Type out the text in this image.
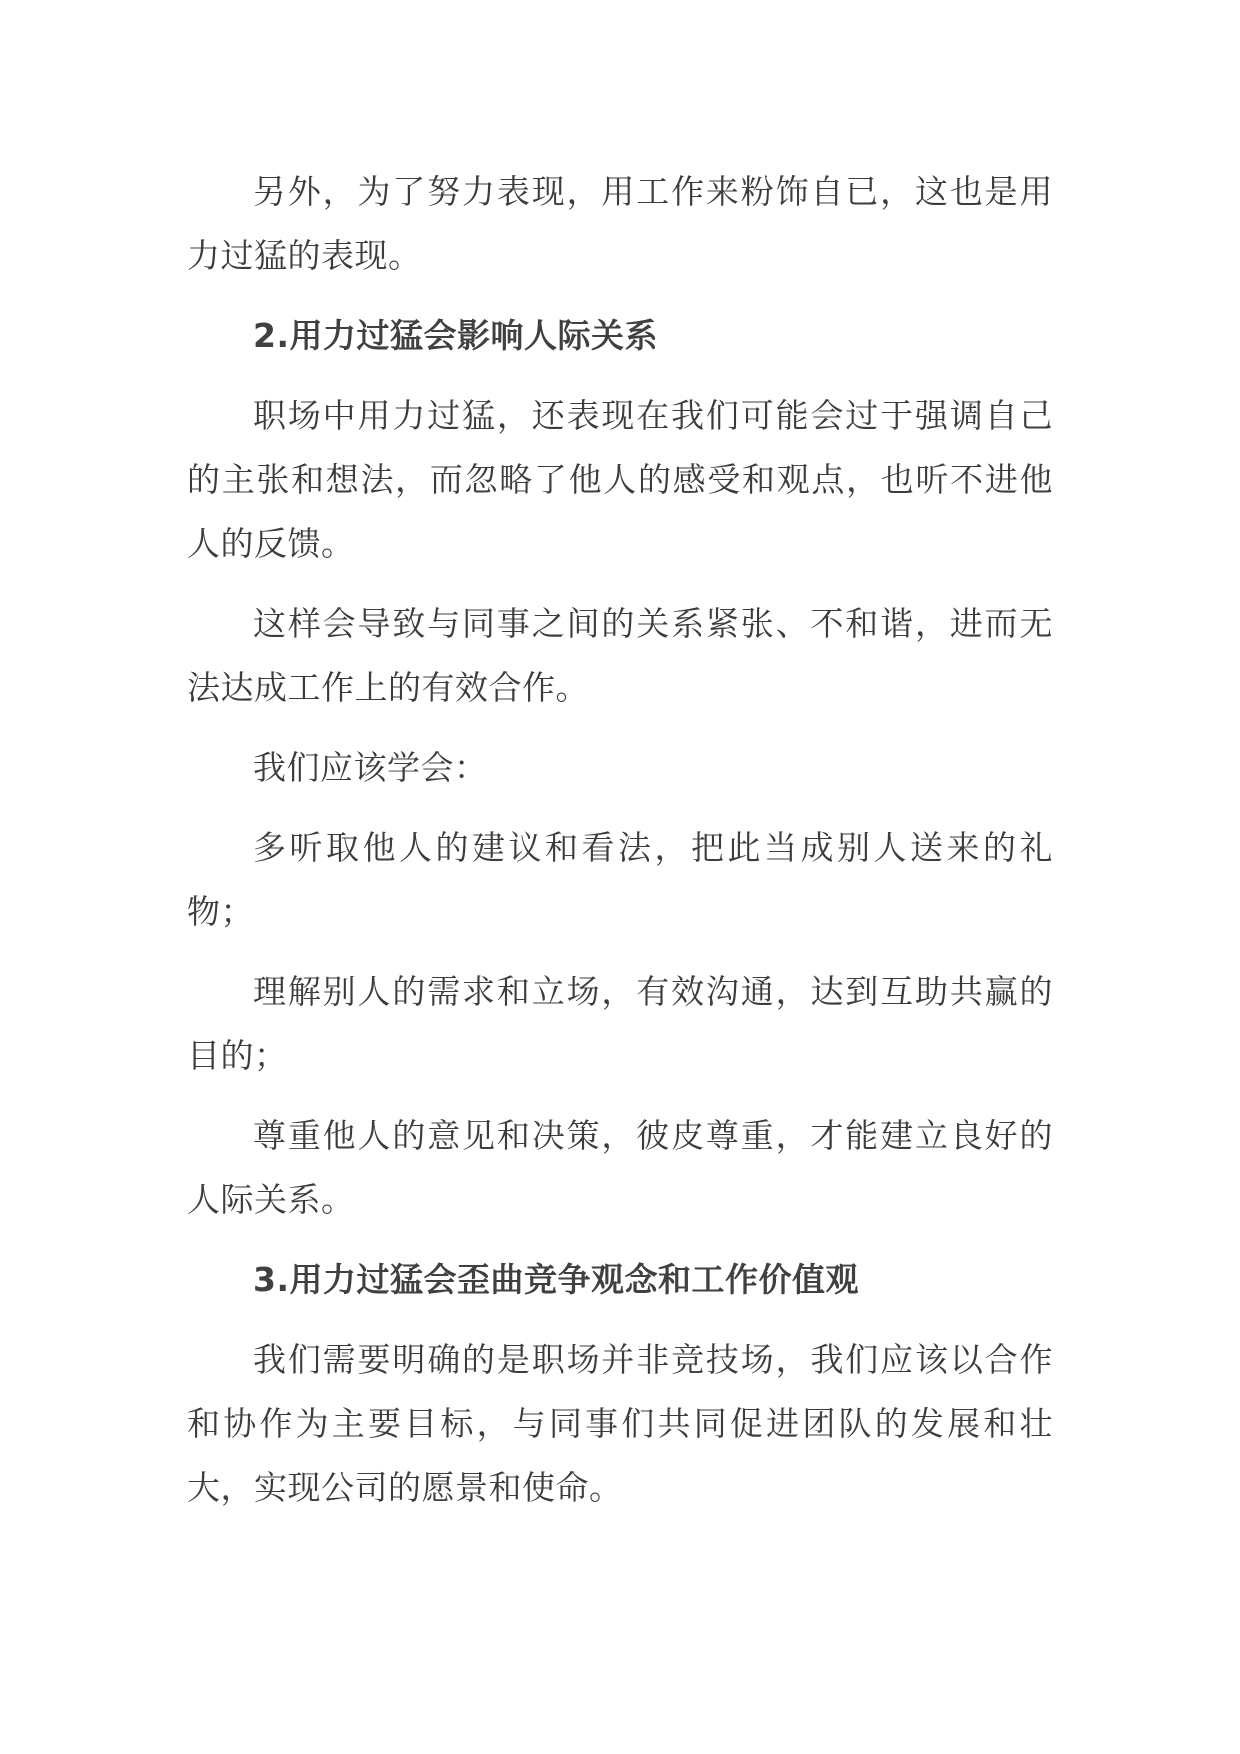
另外，为了努力表现，用工作来粉饰自已，这也是用力过猛的表现。

2.用力过猛会影响人际关系

职场中用力过猛，还表现在我们可能会过于强调自己的主张和想法，而忽略了他人的感受和观点，也听不进他人的反馈。

这样会导致与同事之间的关系紧张、不和谐，进而无法达成工作上的有效合作。

我们应该学会：

多听取他人的建议和看法，把此当成别人送来的礼物；

理解别人的需求和立场，有效沟通，达到互助共赢的目的；

尊重他人的意见和决策，彼皮尊重，才能建立良好的人际关系。

3.用力过猛会歪曲竞争观念和工作价值观

我们需要明确的是职场并非竞技场，我们应该以合作和协作为主要目标，与同事们共同促进团队的发展和壮大，实现公司的愿景和使命。
